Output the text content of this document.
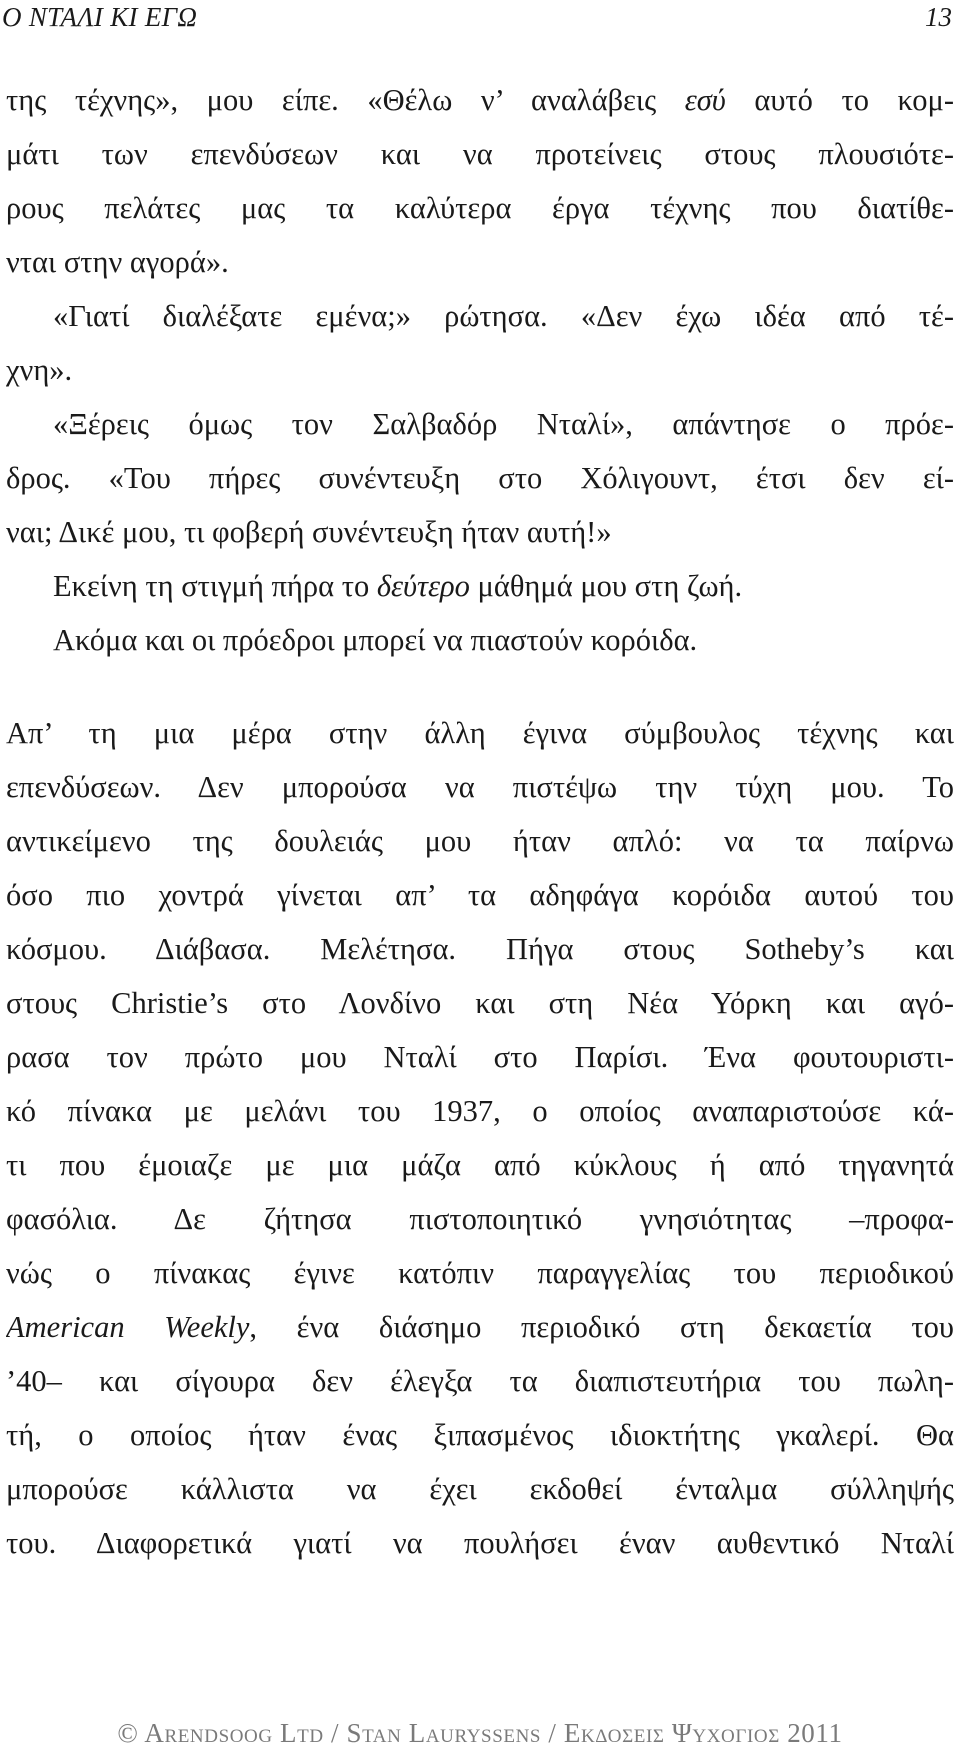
Ο ΝΤΑΛΙ ΚΙ ΕΓΩ	13
της τέχνης», μου είπε. «Θέλω ν’ αναλάβεις εσύ αυτό το κομ-
μάτι των επενδύσεων και να προτείνεις στους πλουσιότε-
ρους πελάτες μας τα καλύτερα έργα τέχνης που διατίθε-
νται στην αγορά».
«Γιατί διαλέξατε εμένα;» ρώτησα. «Δεν έχω ιδέα από τέ-
χνη».
«Ξέρεις όμως τον Σαλβαδόρ Νταλί», απάντησε ο πρόε-
δρος. «Του πήρες συνέντευξη στο Χόλιγουντ, έτσι δεν εί-
ναι; Δικέ μου, τι φοβερή συνέντευξη ήταν αυτή!»
Εκείνη τη στιγμή πήρα το δεύτερο μάθημά μου στη ζωή.
Ακόμα και οι πρόεδροι μπορεί να πιαστούν κορόιδα.
Απ’ τη μια μέρα στην άλλη έγινα σύμβουλος τέχνης και
επενδύσεων. Δεν μπορούσα να πιστέψω την τύχη μου. Το
αντικείμενο της δουλειάς μου ήταν απλό: να τα παίρνω
όσο πιο χοντρά γίνεται απ’ τα αδηφάγα κορόιδα αυτού του
κόσμου. Διάβασα. Μελέτησα. Πήγα στους Sotheby’s και
στους Christie’s στο Λονδίνο και στη Νέα Υόρκη και αγό-
ρασα τον πρώτο μου Νταλί στο Παρίσι. Ένα φουτουριστι-
κό πίνακα με μελάνι του 1937, ο οποίος αναπαριστούσε κά-
τι που έμοιαζε με μια μάζα από κύκλους ή από τηγανητά
φασόλια. Δε ζήτησα πιστοποιητικό γνησιότητας –προφα-
νώς ο πίνακας έγινε κατόπιν παραγγελίας του περιοδικού
American Weekly, ένα διάσημο περιοδικό στη δεκαετία του
’40– και σίγουρα δεν έλεγξα τα διαπιστευτήρια του πωλη-
τή, ο οποίος ήταν ένας ξιπασμένος ιδιοκτήτης γκαλερί. Θα
μπορούσε κάλλιστα να έχει εκδοθεί ένταλμα σύλληψής
του. Διαφορετικά γιατί να πουλήσει έναν αυθεντικό Νταλί
© Arendsoog Ltd / Stan Lauryssens / Εκδοσεισ Ψυχογιοσ 2011
